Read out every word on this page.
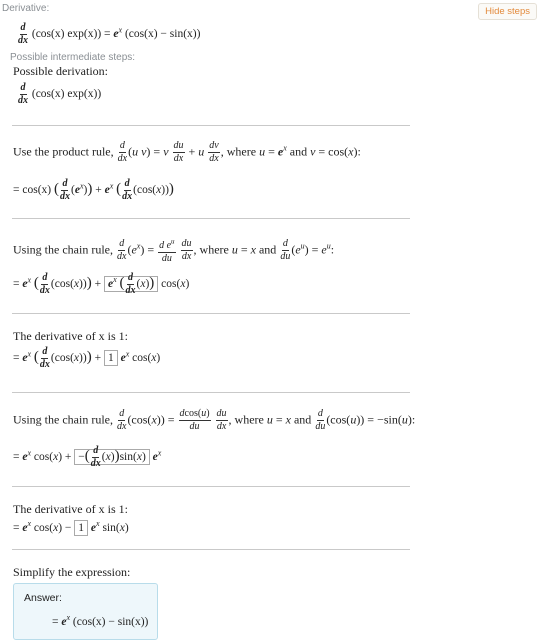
Derivative:	Hide steps
$\frac{d}{dx} (\cos(x) \exp(x)) = e^x$ (cos(x) − sin(x))
Possible intermediate steps:
Possible derivation:
$\frac{d}{dx} (\cos(x)$ exp(x))
Use the product rule, $\frac{d}{dx} (u$ v) = v $\frac{du}{dx} + u \frac{dv}{dx}$ , where $u = e^x$ and v = cos(x):
= cos(x) ( $\frac{d}{dx} (e^x)) + e^x$ ( $\frac{d}{dx} (\cos(x))$)
Using the chain rule, $\frac{d}{dx} (e^x) = \frac{d e^u}{du}$
$\frac{du}{dx}$ , where u = x and $\frac{d}{du} (e^u) = e^u$:
= $e^x$ ( $\frac{d}{dx} (\cos(x))) + e^x$ ( $\frac{d}{dx} (x)$) cos(x)
The derivative of x is 1:
= $e^x$ ( $\frac{d}{dx} (\cos(x))) + 1$ $e^x$ cos(x)
Using the chain rule, $\frac{d}{dx} (\cos(x)) = \frac{dcos(u)}{du}$
$\frac{du}{dx}$ , where u = x and $\frac{d}{du} (\cos(u)) = -\sin(u)$:
= $e^x$ cos(x) + −( $\frac{d}{dx} (x))\sin(x)$ $e^x$
The derivative of x is 1:
= $e^x$ cos(x) − 1 $e^x$ sin(x)
Simplify the expression:
Answer:
= $e^x$ (cos(x) − sin(x))
